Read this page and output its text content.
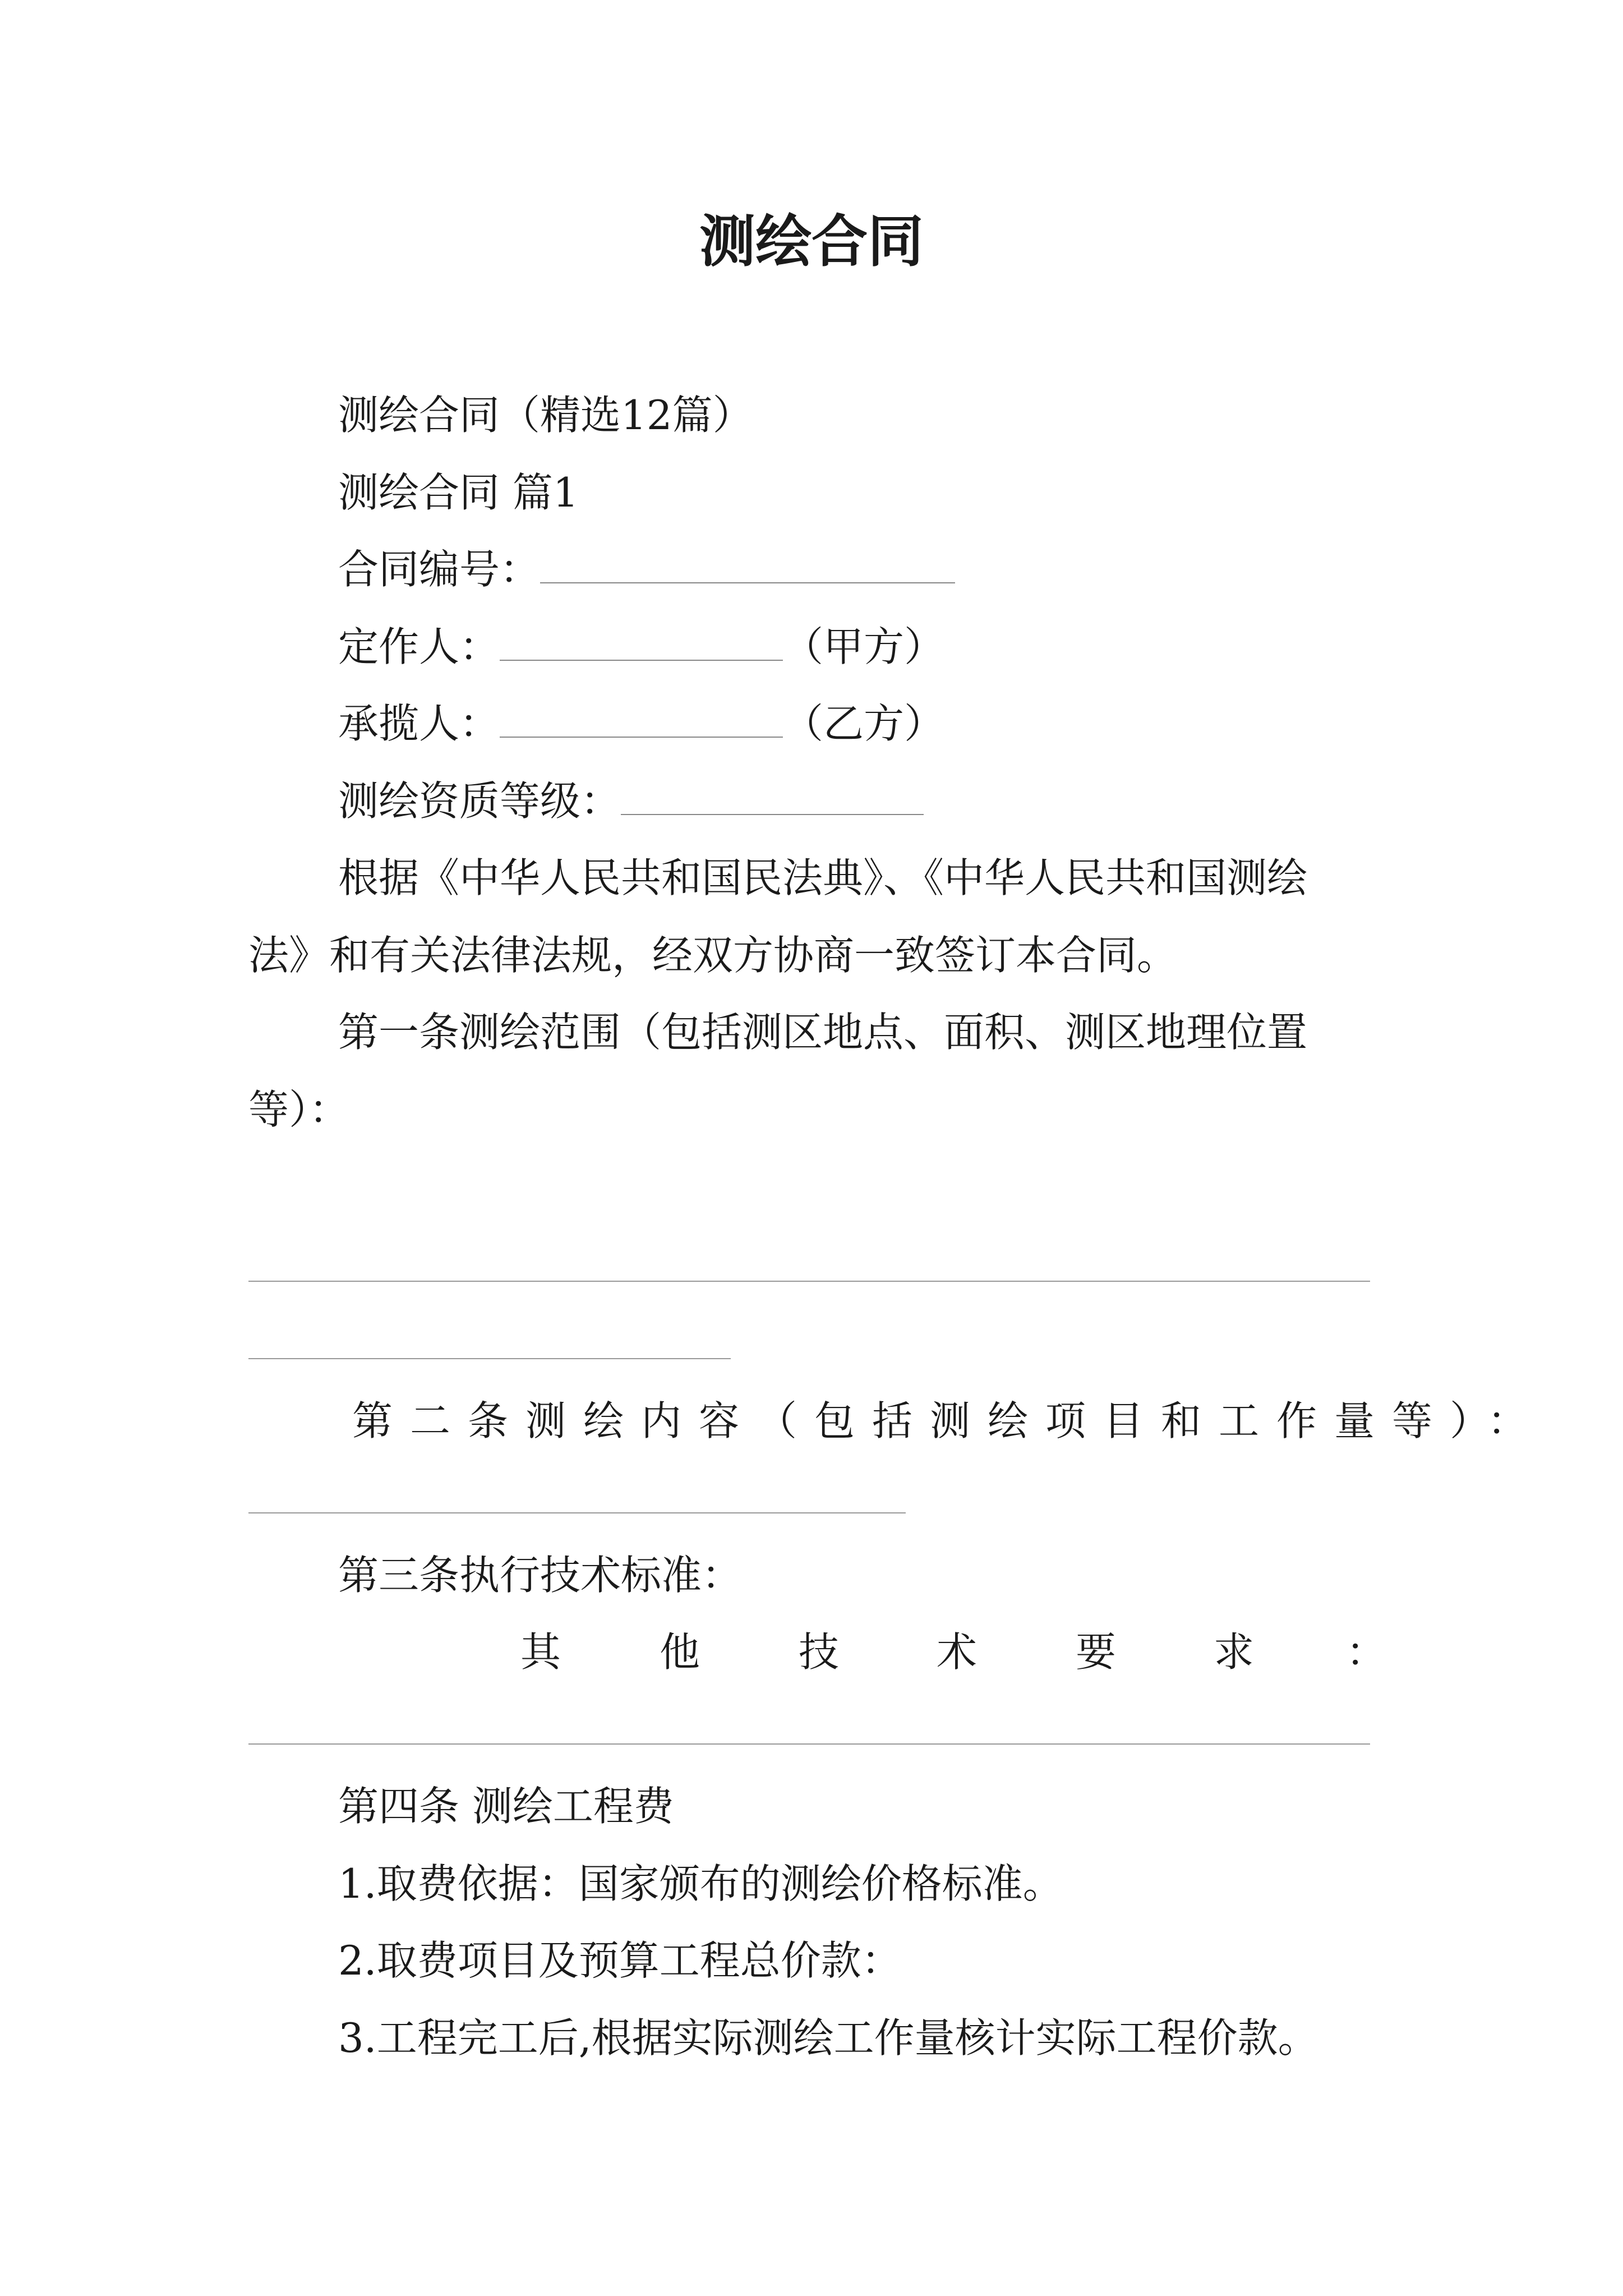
测绘合同
测绘合同（精选12篇）
测绘合同 篇1
合同编号：
定作人：	（甲方）
承揽人：	（乙方）
测绘资质等级：
根据《中华人民共和国民法典》、《中华人民共和国测绘
法》和有关法律法规，经双方协商一致签订本合同。
第一条测绘范围（包括测区地点、面积、测区地理位置
等）：
第二条测绘内容（包括测绘项目和工作量等）：
第三条执行技术标准：
其 他 技 术 要 求 ：
第四条 测绘工程费
1.取费依据：国家颁布的测绘价格标准。
2.取费项目及预算工程总价款：
3.工程完工后,根据实际测绘工作量核计实际工程价款。
